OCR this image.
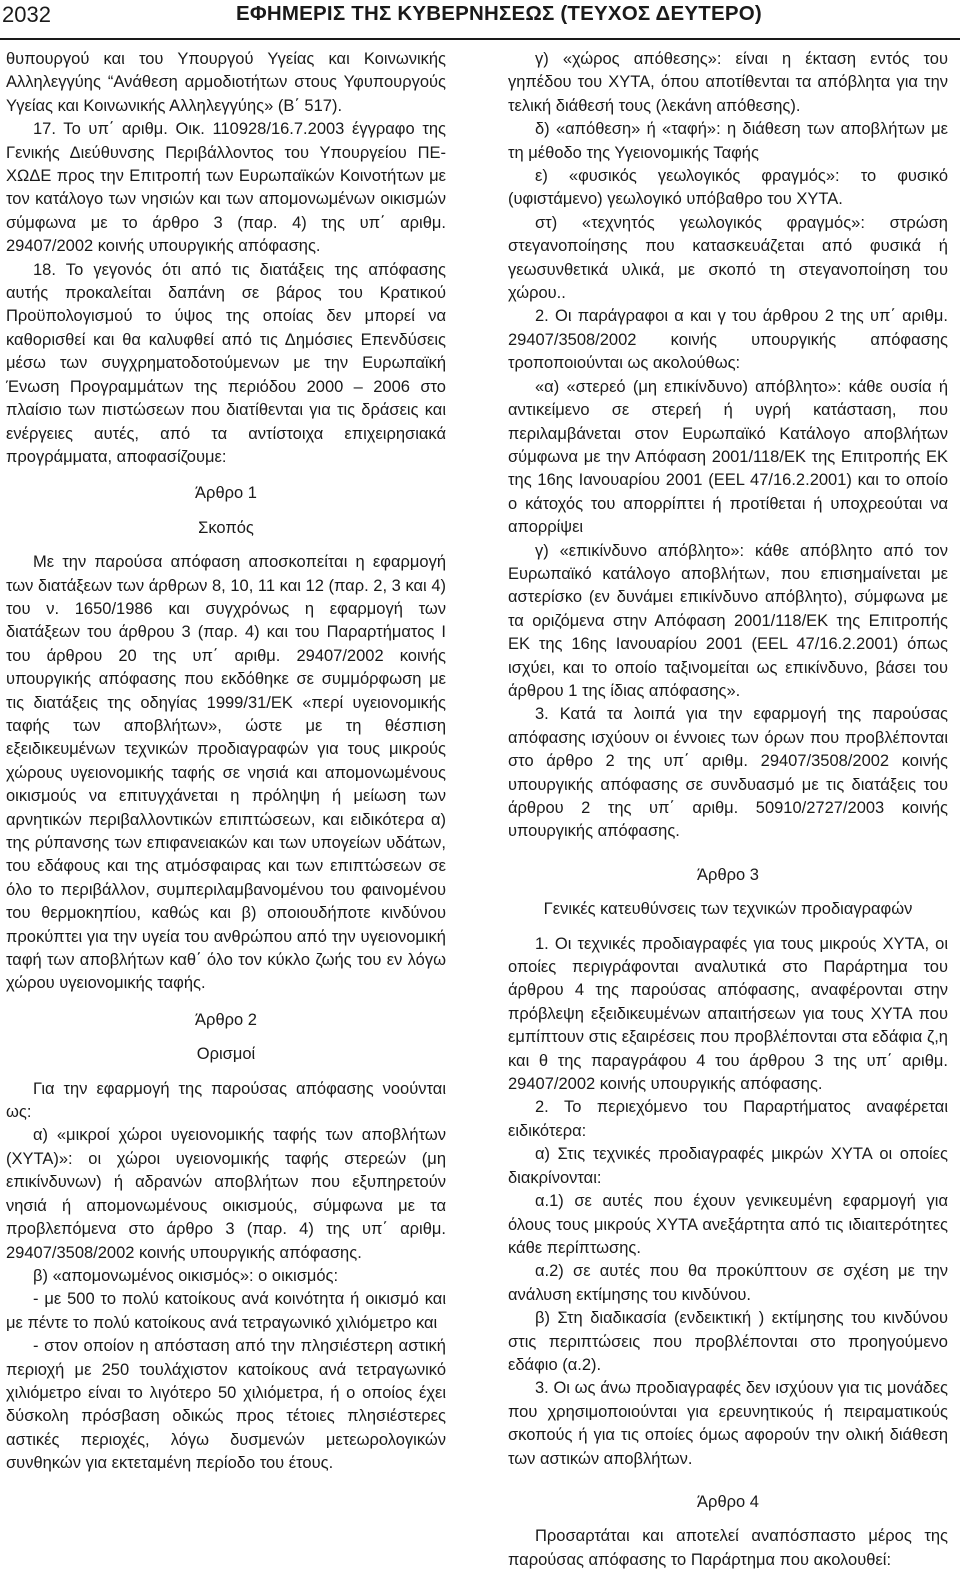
2032	ΕΦΗΜΕΡΙΣ ΤΗΣ ΚΥΒΕΡΝΗΣΕΩΣ (ΤΕΥΧΟΣ ΔΕΥΤΕΡΟ)

θυπουργού και του Υπουργού Υγείας και Κοινωνικής Αλληλεγγύης “Ανάθεση αρμοδιοτήτων στους Υφυπουργούς Υγείας και Κοινωνικής Αλληλεγγύης» (Β΄ 517).

17. Το υπ΄ αριθμ. Οικ. 110928/16.7.2003 έγγραφο της Γενικής Διεύθυνσης Περιβάλλοντος του Υπουργείου ΠΕ-ΧΩΔΕ προς την Επιτροπή των Ευρωπαϊκών Κοινοτήτων με τον κατάλογο των νησιών και των απομονωμένων οικισμών σύμφωνα με το άρθρο 3 (παρ. 4) της υπ΄ αριθμ. 29407/2002 κοινής υπουργικής απόφασης.

18. Το γεγονός ότι από τις διατάξεις της απόφασης αυτής προκαλείται δαπάνη σε βάρος του Κρατικού Προϋπολογισμού το ύψος της οποίας δεν μπορεί να καθορισθεί και θα καλυφθεί από τις Δημόσιες Επενδύσεις μέσω των συγχρηματοδοτούμενων με την Ευρωπαϊκή Ένωση Προγραμμάτων της περιόδου 2000 – 2006 στο πλαίσιο των πιστώσεων που διατίθενται για τις δράσεις και ενέργειες αυτές, από τα αντίστοιχα επιχειρησιακά προγράμματα, αποφασίζουμε:

Άρθρο 1

Σκοπός

Με την παρούσα απόφαση αποσκοπείται η εφαρμογή των διατάξεων των άρθρων 8, 10, 11 και 12 (παρ. 2, 3 και 4) του ν. 1650/1986 και συγχρόνως η εφαρμογή των διατάξεων του άρθρου 3 (παρ. 4) και του Παραρτήματος Ι του άρθρου 20 της υπ΄ αριθμ. 29407/2002 κοινής υπουργικής απόφασης που εκδόθηκε σε συμμόρφωση με τις διατάξεις της οδηγίας 1999/31/ΕΚ «περί υγειονομικής ταφής των αποβλήτων», ώστε με τη θέσπιση εξειδικευμένων τεχνικών προδιαγραφών για τους μικρούς χώρους υγειονομικής ταφής σε νησιά και απομονωμένους οικισμούς να επιτυγχάνεται η πρόληψη ή μείωση των αρνητικών περιβαλλοντικών επιπτώσεων, και ειδικότερα α) της ρύπανσης των επιφανειακών και των υπογείων υδάτων, του εδάφους και της ατμόσφαιρας και των επιπτώσεων σε όλο το περιβάλλον, συμπεριλαμβανομένου του φαινομένου του θερμοκηπίου, καθώς και β) οποιουδήποτε κινδύνου προκύπτει για την υγεία του ανθρώπου από την υγειονομική ταφή των αποβλήτων καθ΄ όλο τον κύκλο ζωής του εν λόγω χώρου υγειονομικής ταφής.

Άρθρο 2

Ορισμοί

Για την εφαρμογή της παρούσας απόφασης νοούνται ως:

α) «μικροί χώροι υγειονομικής ταφής των αποβλήτων (ΧΥΤΑ)»: οι χώροι υγειονομικής ταφής στερεών (μη επικίνδυνων) ή αδρανών αποβλήτων που εξυπηρετούν νησιά ή απομονωμένους οικισμούς, σύμφωνα με τα προβλεπόμενα στο άρθρο 3 (παρ. 4) της υπ΄ αριθμ. 29407/3508/2002 κοινής υπουργικής απόφασης.

β) «απομονωμένος οικισμός»: ο οικισμός:

- με 500 το πολύ κατοίκους ανά κοινότητα ή οικισμό και με πέντε το πολύ κατοίκους ανά τετραγωνικό χιλιόμετρο και

- στον οποίον η απόσταση από την πλησιέστερη αστική περιοχή με 250 τουλάχιστον κατοίκους ανά τετραγωνικό χιλιόμετρο είναι το λιγότερο 50 χιλιόμετρα, ή ο οποίος έχει δύσκολη πρόσβαση οδικώς προς τέτοιες πλησιέστερες αστικές περιοχές, λόγω δυσμενών μετεωρολογικών συνθηκών για εκτεταμένη περίοδο του έτους.

γ) «χώρος απόθεσης»: είναι η έκταση εντός του γηπέδου του ΧΥΤΑ, όπου αποτίθενται τα απόβλητα για την τελική διάθεσή τους (λεκάνη απόθεσης).

δ) «απόθεση» ή «ταφή»: η διάθεση των αποβλήτων με τη μέθοδο της Υγειονομικής Ταφής

ε) «φυσικός γεωλογικός φραγμός»: το φυσικό (υφιστάμενο) γεωλογικό υπόβαθρο του ΧΥΤΑ.

στ) «τεχνητός γεωλογικός φραγμός»: στρώση στεγανοποίησης που κατασκευάζεται από φυσικά ή γεωσυνθετικά υλικά, με σκοπό τη στεγανοποίηση του χώρου..

2. Οι παράγραφοι α και γ του άρθρου 2 της υπ΄ αριθμ. 29407/3508/2002 κοινής υπουργικής απόφασης τροποποιούνται ως ακολούθως:

«α) «στερεό (μη επικίνδυνο) απόβλητο»: κάθε ουσία ή αντικείμενο σε στερεή ή υγρή κατάσταση, που περιλαμβάνεται στον Ευρωπαϊκό Κατάλογο αποβλήτων σύμφωνα με την Απόφαση 2001/118/ΕΚ της Επιτροπής ΕΚ της 16ης Ιανουαρίου 2001 (ΕΕL 47/16.2.2001) και το οποίο ο κάτοχός του απορρίπτει ή προτίθεται ή υποχρεούται να απορρίψει

γ) «επικίνδυνο απόβλητο»: κάθε απόβλητο από τον Ευρωπαϊκό κατάλογο αποβλήτων, που επισημαίνεται με αστερίσκο (εν δυνάμει επικίνδυνο απόβλητο), σύμφωνα με τα οριζόμενα στην Απόφαση 2001/118/ΕΚ της Επιτροπής ΕΚ της 16ης Ιανουαρίου 2001 (ΕΕL 47/16.2.2001) όπως ισχύει, και το οποίο ταξινομείται ως επικίνδυνο, βάσει του άρθρου 1 της ίδιας απόφασης».

3. Κατά τα λοιπά για την εφαρμογή της παρούσας απόφασης ισχύουν οι έννοιες των όρων που προβλέπονται στο άρθρο 2 της υπ΄ αριθμ. 29407/3508/2002 κοινής υπουργικής απόφασης σε συνδυασμό με τις διατάξεις του άρθρου 2 της υπ΄ αριθμ. 50910/2727/2003 κοινής υπουργικής απόφασης.

Άρθρο 3

Γενικές κατευθύνσεις των τεχνικών προδιαγραφών

1. Οι τεχνικές προδιαγραφές για τους μικρούς ΧΥΤΑ, οι οποίες περιγράφονται αναλυτικά στο Παράρτημα του άρθρου 4 της παρούσας απόφασης, αναφέρονται στην πρόβλεψη εξειδικευμένων απαιτήσεων για τους ΧΥΤΑ που εμπίπτουν στις εξαιρέσεις που προβλέπονται στα εδάφια ζ,η και θ της παραγράφου 4 του άρθρου 3 της υπ΄ αριθμ. 29407/2002 κοινής υπουργικής απόφασης.

2. Το περιεχόμενο του Παραρτήματος αναφέρεται ειδικότερα:

α) Στις τεχνικές προδιαγραφές μικρών ΧΥΤΑ οι οποίες διακρίνονται:

α.1) σε αυτές που έχουν γενικευμένη εφαρμογή για όλους τους μικρούς ΧΥΤΑ ανεξάρτητα από τις ιδιαιτερότητες κάθε περίπτωσης.

α.2) σε αυτές που θα προκύπτουν σε σχέση με την ανάλυση εκτίμησης του κινδύνου.

β) Στη διαδικασία (ενδεικτική ) εκτίμησης του κινδύνου στις περιπτώσεις που προβλέπονται στο προηγούμενο εδάφιο (α.2).

3. Οι ως άνω προδιαγραφές δεν ισχύουν για τις μονάδες που χρησιμοποιούνται για ερευνητικούς ή πειραματικούς σκοπούς ή για τις οποίες όμως αφορούν την ολική διάθεση των αστικών αποβλήτων.

Άρθρο 4

Προσαρτάται και αποτελεί αναπόσπαστο μέρος της παρούσας απόφασης το Παράρτημα που ακολουθεί:
